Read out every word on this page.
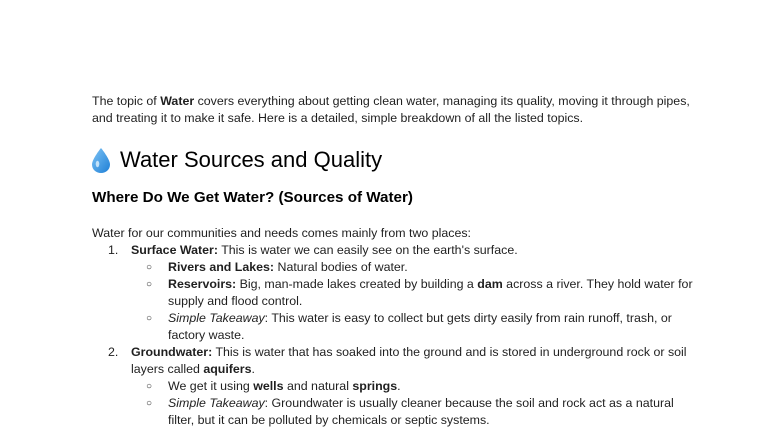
The topic of Water covers everything about getting clean water, managing its quality, moving it through pipes, and treating it to make it safe. Here is a detailed, simple breakdown of all the listed topics.

Water Sources and Quality
Where Do We Get Water? (Sources of Water)

Water for our communities and needs comes mainly from two places:

1. Surface Water: This is water we can easily see on the earth's surface.
○ Rivers and Lakes: Natural bodies of water.
○ Reservoirs: Big, man-made lakes created by building a dam across a river. They hold water for supply and flood control.
○ Simple Takeaway: This water is easy to collect but gets dirty easily from rain runoff, trash, or factory waste.
2. Groundwater: This is water that has soaked into the ground and is stored in underground rock or soil layers called aquifers.
○ We get it using wells and natural springs.
○ Simple Takeaway: Groundwater is usually cleaner because the soil and rock act as a natural filter, but it can be polluted by chemicals or septic systems.
